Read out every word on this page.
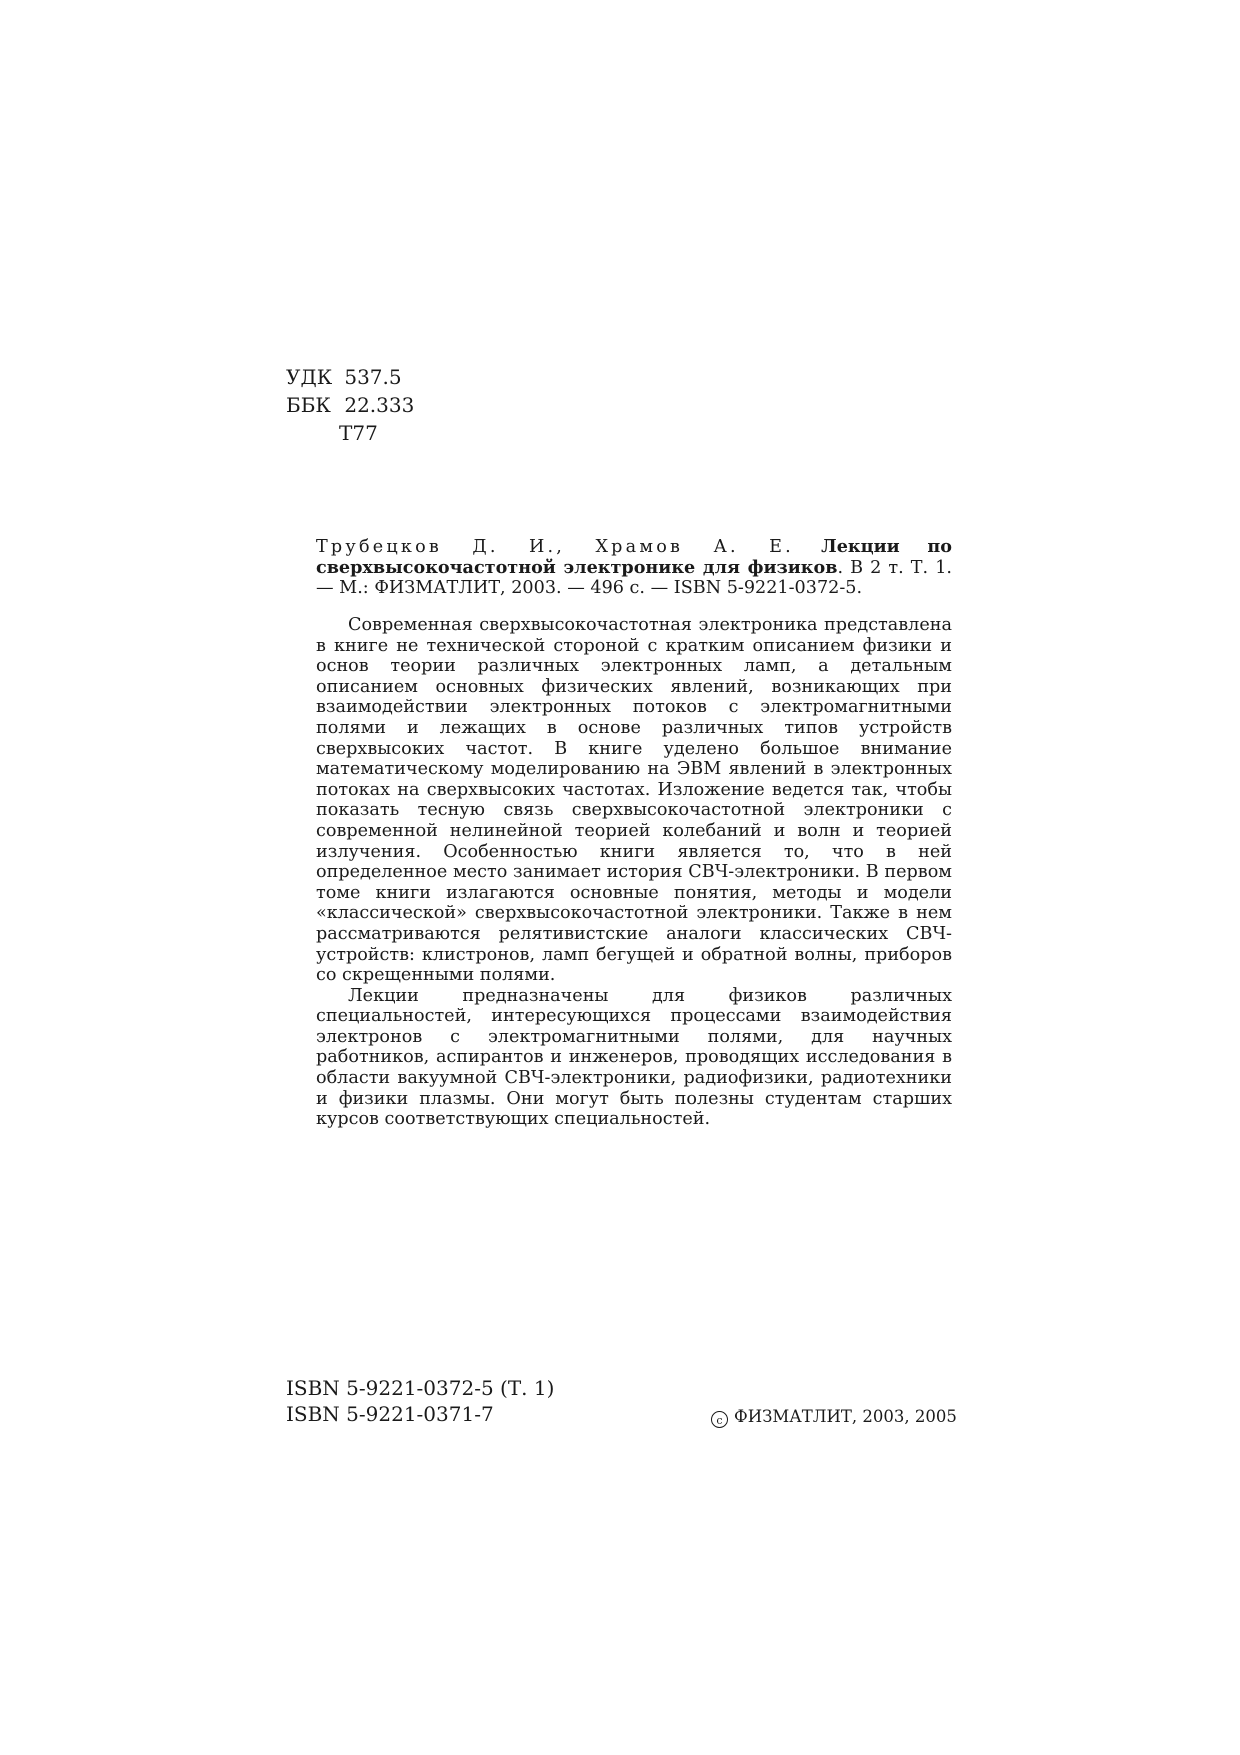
УДК 537.5
ББК 22.333
Т77
Трубецков Д. И., Храмов А. Е. Лекции по сверхвысокочастотной электронике для физиков. В 2 т. Т. 1. — М.: ФИЗМАТЛИТ, 2003. — 496 с. — ISBN 5-9221-0372-5.

Современная сверхвысокочастотная электроника представлена в книге не технической стороной с кратким описанием физики и основ теории различных электронных ламп, а детальным описанием основных физических явлений, возникающих при взаимодействии электронных потоков с электромагнитными полями и лежащих в основе различных типов устройств сверхвысоких частот. В книге уделено большое внимание математическому моделированию на ЭВМ явлений в электронных потоках на сверхвысоких частотах. Изложение ведется так, чтобы показать тесную связь сверхвысокочастотной электроники с современной нелинейной теорией колебаний и волн и теорией излучения. Особенностью книги является то, что в ней определенное место занимает история СВЧ-электроники. В первом томе книги излагаются основные понятия, методы и модели «классической» сверхвысокочастотной электроники. Также в нем рассматриваются релятивистские аналоги классических СВЧ-устройств: клистронов, ламп бегущей и обратной волны, приборов со скрещенными полями.

Лекции предназначены для физиков различных специальностей, интересующихся процессами взаимодействия электронов с электромагнитными полями, для научных работников, аспирантов и инженеров, проводящих исследования в области вакуумной СВЧ-электроники, радиофизики, радиотехники и физики плазмы. Они могут быть полезны студентам старших курсов соответствующих специальностей.

ISBN 5-9221-0372-5 (Т. 1)
ISBN 5-9221-0371-7	c ФИЗМАТЛИТ, 2003, 2005
